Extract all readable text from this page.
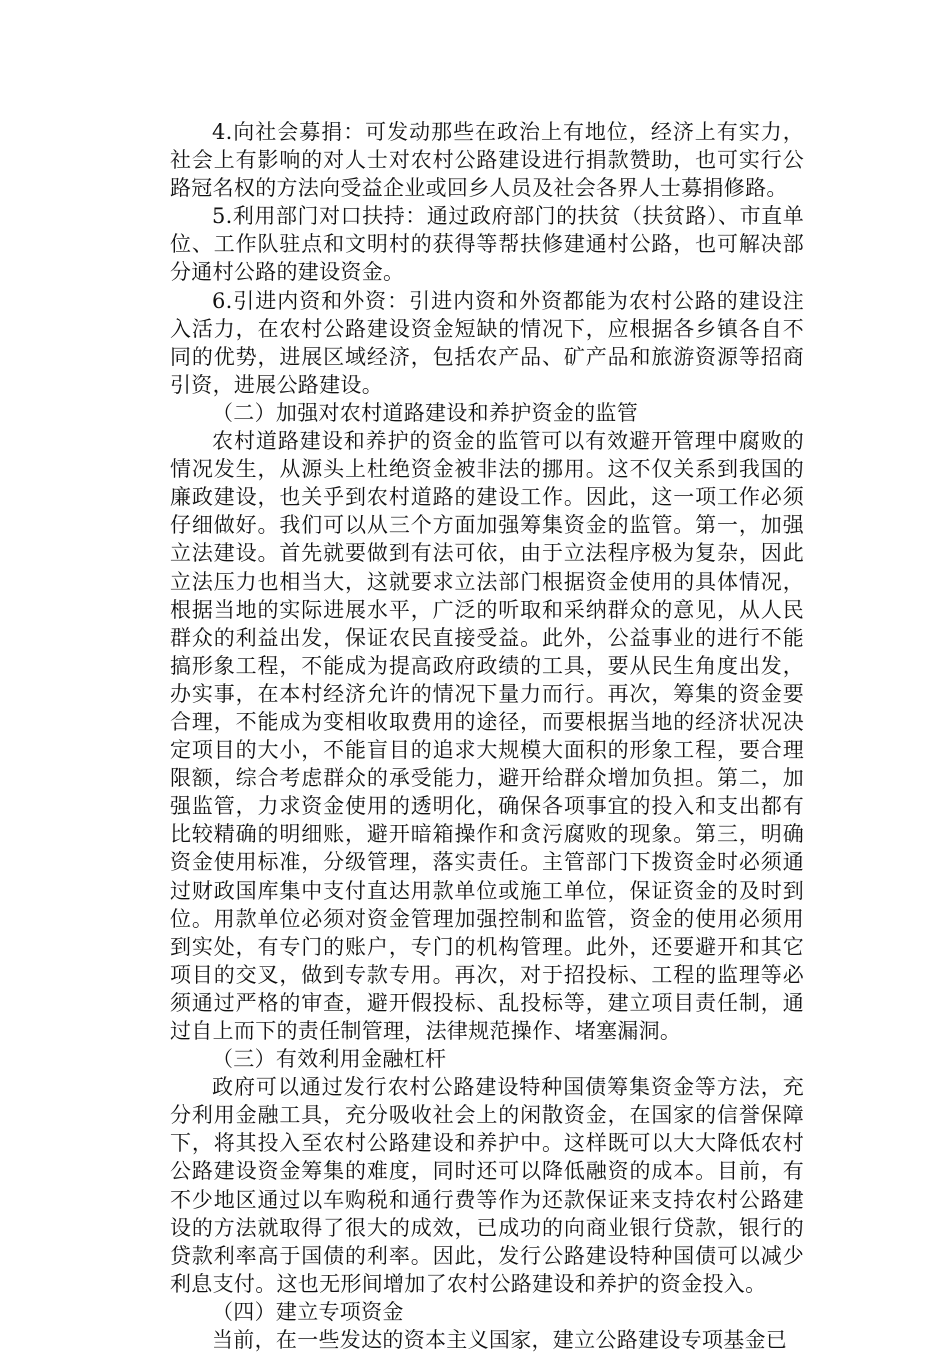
4.向社会募捐：可发动那些在政治上有地位，经济上有实力，社会上有影响的对人士对农村公路建设进行捐款赞助，也可实行公路冠名权的方法向受益企业或回乡人员及社会各界人士募捐修路。

5.利用部门对口扶持：通过政府部门的扶贫（扶贫路）、市直单位、工作队驻点和文明村的获得等帮扶修建通村公路，也可解决部分通村公路的建设资金。

6.引进内资和外资：引进内资和外资都能为农村公路的建设注入活力，在农村公路建设资金短缺的情况下，应根据各乡镇各自不同的优势，进展区域经济，包括农产品、矿产品和旅游资源等招商引资，进展公路建设。

（二）加强对农村道路建设和养护资金的监管

农村道路建设和养护的资金的监管可以有效避开管理中腐败的情况发生，从源头上杜绝资金被非法的挪用。这不仅关系到我国的廉政建设，也关乎到农村道路的建设工作。因此，这一项工作必须仔细做好。我们可以从三个方面加强筹集资金的监管。第一，加强立法建设。首先就要做到有法可依，由于立法程序极为复杂，因此立法压力也相当大，这就要求立法部门根据资金使用的具体情况，根据当地的实际进展水平，广泛的听取和采纳群众的意见，从人民群众的利益出发，保证农民直接受益。此外，公益事业的进行不能搞形象工程，不能成为提高政府政绩的工具，要从民生角度出发，办实事，在本村经济允许的情况下量力而行。再次，筹集的资金要合理，不能成为变相收取费用的途径，而要根据当地的经济状况决定项目的大小，不能盲目的追求大规模大面积的形象工程，要合理限额，综合考虑群众的承受能力，避开给群众增加负担。第二，加强监管，力求资金使用的透明化，确保各项事宜的投入和支出都有比较精确的明细账，避开暗箱操作和贪污腐败的现象。第三，明确资金使用标准，分级管理，落实责任。主管部门下拨资金时必须通过财政国库集中支付直达用款单位或施工单位，保证资金的及时到位。用款单位必须对资金管理加强控制和监管，资金的使用必须用到实处，有专门的账户，专门的机构管理。此外，还要避开和其它项目的交叉，做到专款专用。再次，对于招投标、工程的监理等必须通过严格的审查，避开假投标、乱投标等，建立项目责任制，通过自上而下的责任制管理，法律规范操作、堵塞漏洞。

（三）有效利用金融杠杆

政府可以通过发行农村公路建设特种国债筹集资金等方法，充分利用金融工具，充分吸收社会上的闲散资金，在国家的信誉保障下，将其投入至农村公路建设和养护中。这样既可以大大降低农村公路建设资金筹集的难度，同时还可以降低融资的成本。目前，有不少地区通过以车购税和通行费等作为还款保证来支持农村公路建设的方法就取得了很大的成效，已成功的向商业银行贷款，银行的贷款利率高于国债的利率。因此，发行公路建设特种国债可以减少利息支付。这也无形间增加了农村公路建设和养护的资金投入。

（四）建立专项资金

当前，在一些发达的资本主义国家，建立公路建设专项基金已
